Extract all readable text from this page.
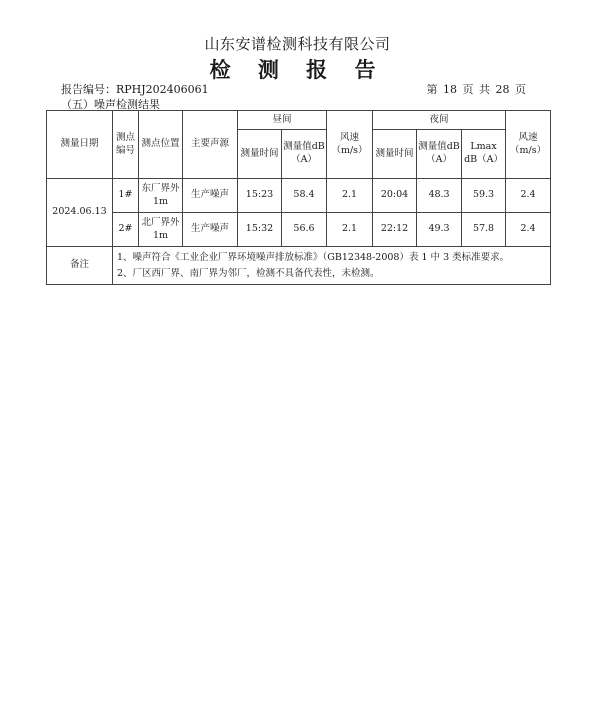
山东安谱检测科技有限公司
检 测 报 告
报告编号：RPHJ202406061	第 18 页 共 28 页
（五）噪声检测结果
测量日期	测点编号	测点位置	主要声源	昼间		风速（m/s）	夜间			风速（m/s）
				测量时间	测量值dB（A）		测量时间	测量值dB（A）	Lmax dB（A）	
2024.06.13	1#	东厂界外1m	生产噪声	15:23	58.4	2.1	20:04	48.3	59.3	2.4
	2#	北厂界外1m	生产噪声	15:32	56.6	2.1	22:12	49.3	57.8	2.4
备注	1、噪声符合《工业企业厂界环境噪声排放标准》（GB12348-2008）表 1 中 3 类标准要求。
2、厂区西厂界、南厂界为邻厂，检测不具备代表性，未检测。									
